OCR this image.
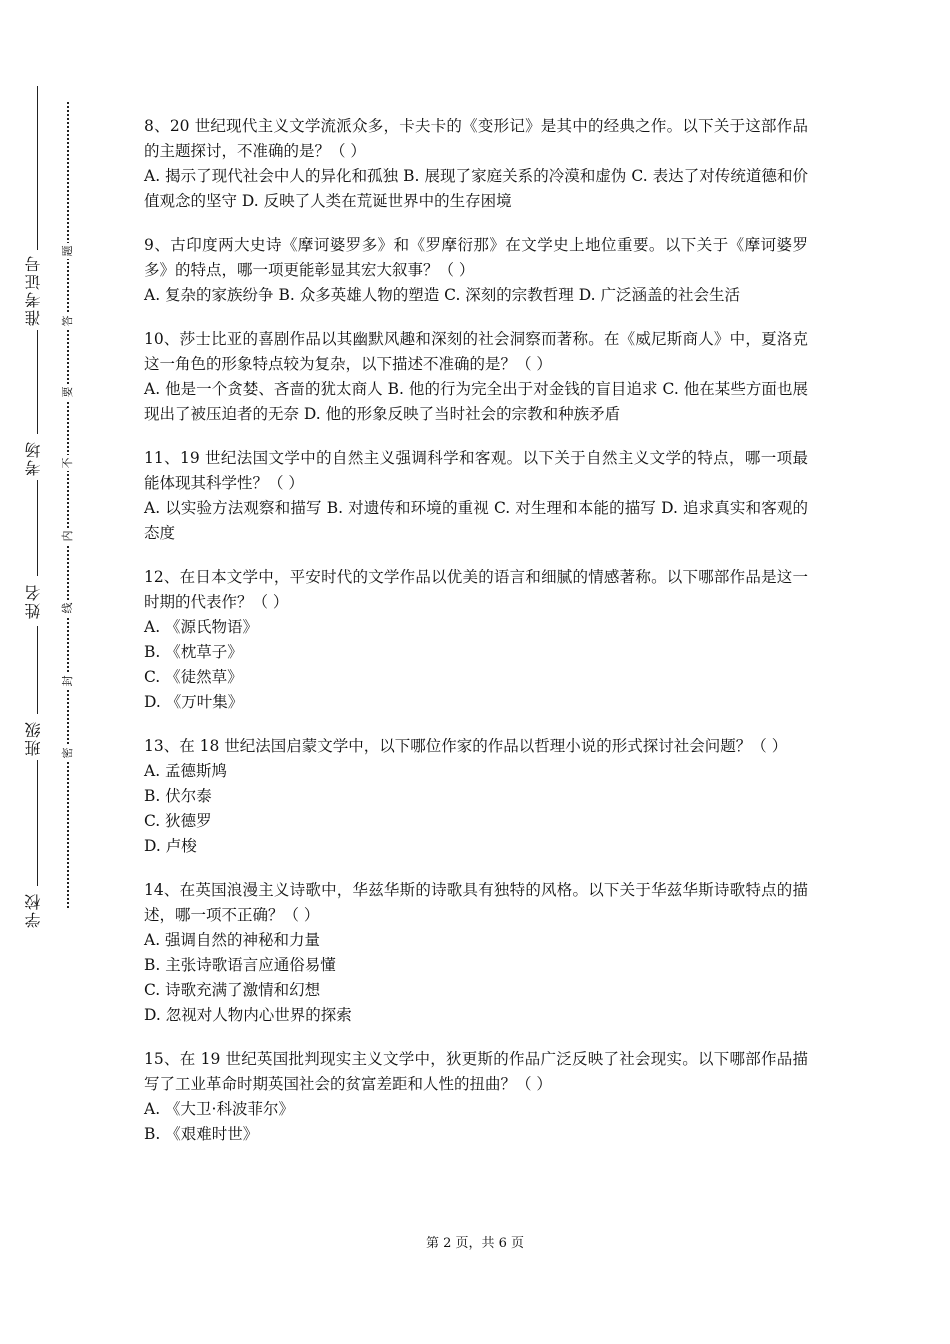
准考证号
考场
姓名
班级
学校
题
答
要
不
内
线
封
密
8、20 世纪现代主义文学流派众多，卡夫卡的《变形记》是其中的经典之作。以下关于这部作品的主题探讨，不准确的是？（ ）
A. 揭示了现代社会中人的异化和孤独 B. 展现了家庭关系的冷漠和虚伪 C. 表达了对传统道德和价值观念的坚守 D. 反映了人类在荒诞世界中的生存困境
9、古印度两大史诗《摩诃婆罗多》和《罗摩衍那》在文学史上地位重要。以下关于《摩诃婆罗多》的特点，哪一项更能彰显其宏大叙事？（ ）
A. 复杂的家族纷争 B. 众多英雄人物的塑造 C. 深刻的宗教哲理 D. 广泛涵盖的社会生活
10、莎士比亚的喜剧作品以其幽默风趣和深刻的社会洞察而著称。在《威尼斯商人》中，夏洛克这一角色的形象特点较为复杂，以下描述不准确的是？（ ）
A. 他是一个贪婪、吝啬的犹太商人 B. 他的行为完全出于对金钱的盲目追求 C. 他在某些方面也展现出了被压迫者的无奈 D. 他的形象反映了当时社会的宗教和种族矛盾
11、19 世纪法国文学中的自然主义强调科学和客观。以下关于自然主义文学的特点，哪一项最能体现其科学性？（ ）
A. 以实验方法观察和描写 B. 对遗传和环境的重视 C. 对生理和本能的描写 D. 追求真实和客观的态度
12、在日本文学中，平安时代的文学作品以优美的语言和细腻的情感著称。以下哪部作品是这一时期的代表作？（ ）
A. 《源氏物语》
B. 《枕草子》
C. 《徒然草》
D. 《万叶集》
13、在 18 世纪法国启蒙文学中，以下哪位作家的作品以哲理小说的形式探讨社会问题？（ ）
A. 孟德斯鸠
B. 伏尔泰
C. 狄德罗
D. 卢梭
14、在英国浪漫主义诗歌中，华兹华斯的诗歌具有独特的风格。以下关于华兹华斯诗歌特点的描述，哪一项不正确？（ ）
A. 强调自然的神秘和力量
B. 主张诗歌语言应通俗易懂
C. 诗歌充满了激情和幻想
D. 忽视对人物内心世界的探索
15、在 19 世纪英国批判现实主义文学中，狄更斯的作品广泛反映了社会现实。以下哪部作品描写了工业革命时期英国社会的贫富差距和人性的扭曲？（ ）
A. 《大卫·科波菲尔》
B. 《艰难时世》
第 2 页，共 6 页
